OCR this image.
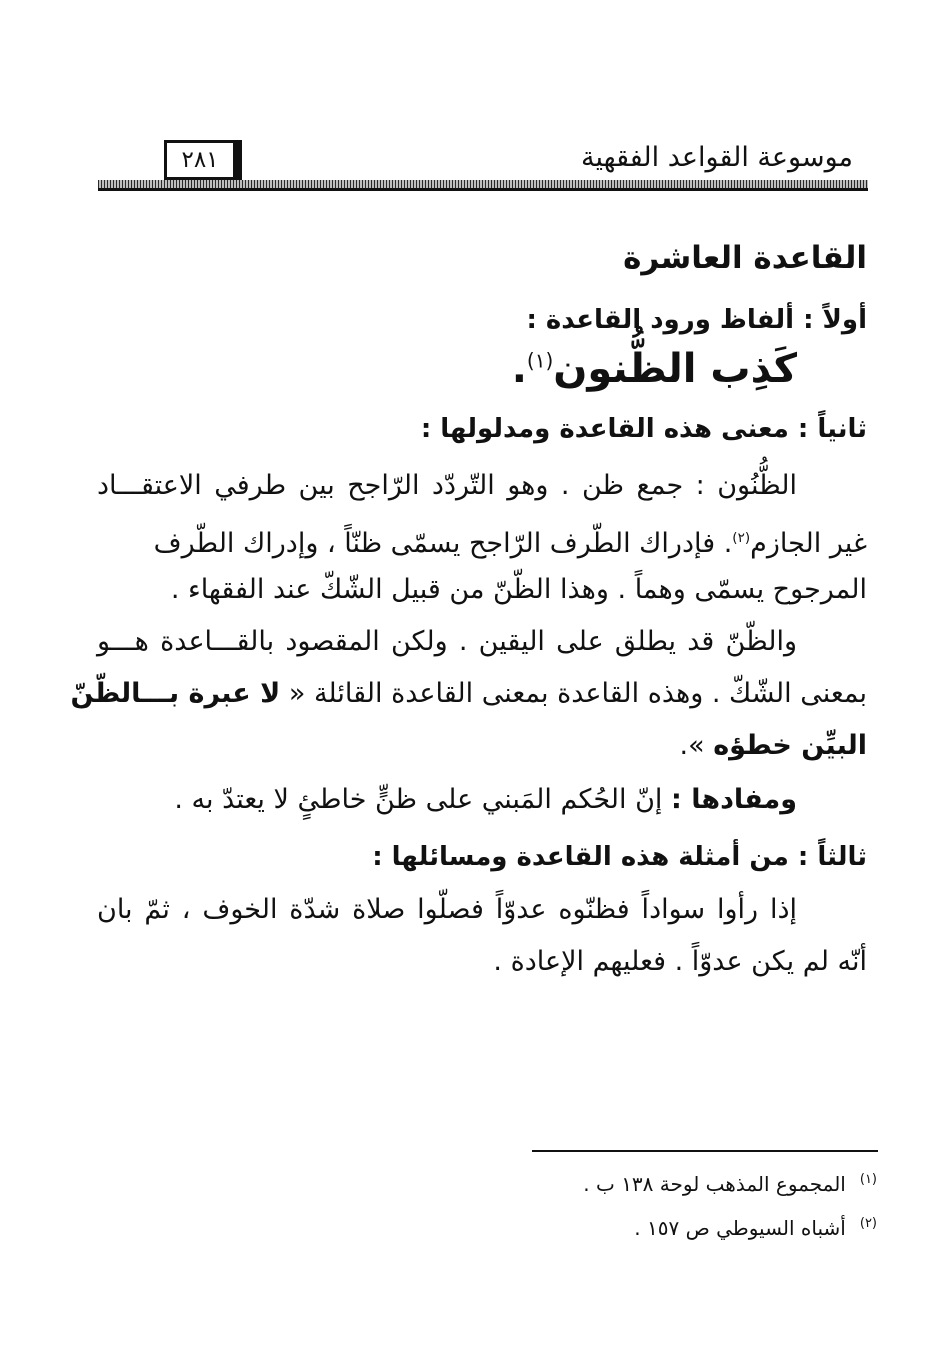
موسوعة القواعد الفقهية
٢٨١
القاعدة العاشرة
أولاً : ألفاظ ورود القاعدة :
كَذِب الظُّنون$^{(١)}$.
ثانياً : معنى هذه القاعدة ومدلولها :
الظُّنُون : جمع ظن . وهو التّردّد الرّاجح بين طرفي الاعتقـــاد
غير الجازم$^{(٢)}$. فإدراك الطّرف الرّاجح يسمّى ظنّاً ، وإدراك الطّرف
المرجوح يسمّى وهماً . وهذا الظّنّ من قبيل الشّكّ عند الفقهاء .
والظّنّ قد يطلق على اليقين . ولكن المقصود بالقـــاعدة هـــو
بمعنى الشّكّ . وهذه القاعدة بمعنى القاعدة القائلة « لا عبرة بـــالظّنّ
البيِّن خطؤه ».
ومفادها : إنّ الحُكم المَبني على ظنٍّ خاطئٍ لا يعتدّ به .
ثالثاً : من أمثلة هذه القاعدة ومسائلها :
إذا رأوا سواداً فظنّوه عدوّاً فصلّوا صلاة شدّة الخوف ، ثمّ بان
أنّه لم يكن عدوّاً . فعليهم الإعادة .
$^{(١)}$المجموع المذهب لوحة ١٣٨ ب .
$^{(٢)}$أشباه السيوطي ص ١٥٧ .
